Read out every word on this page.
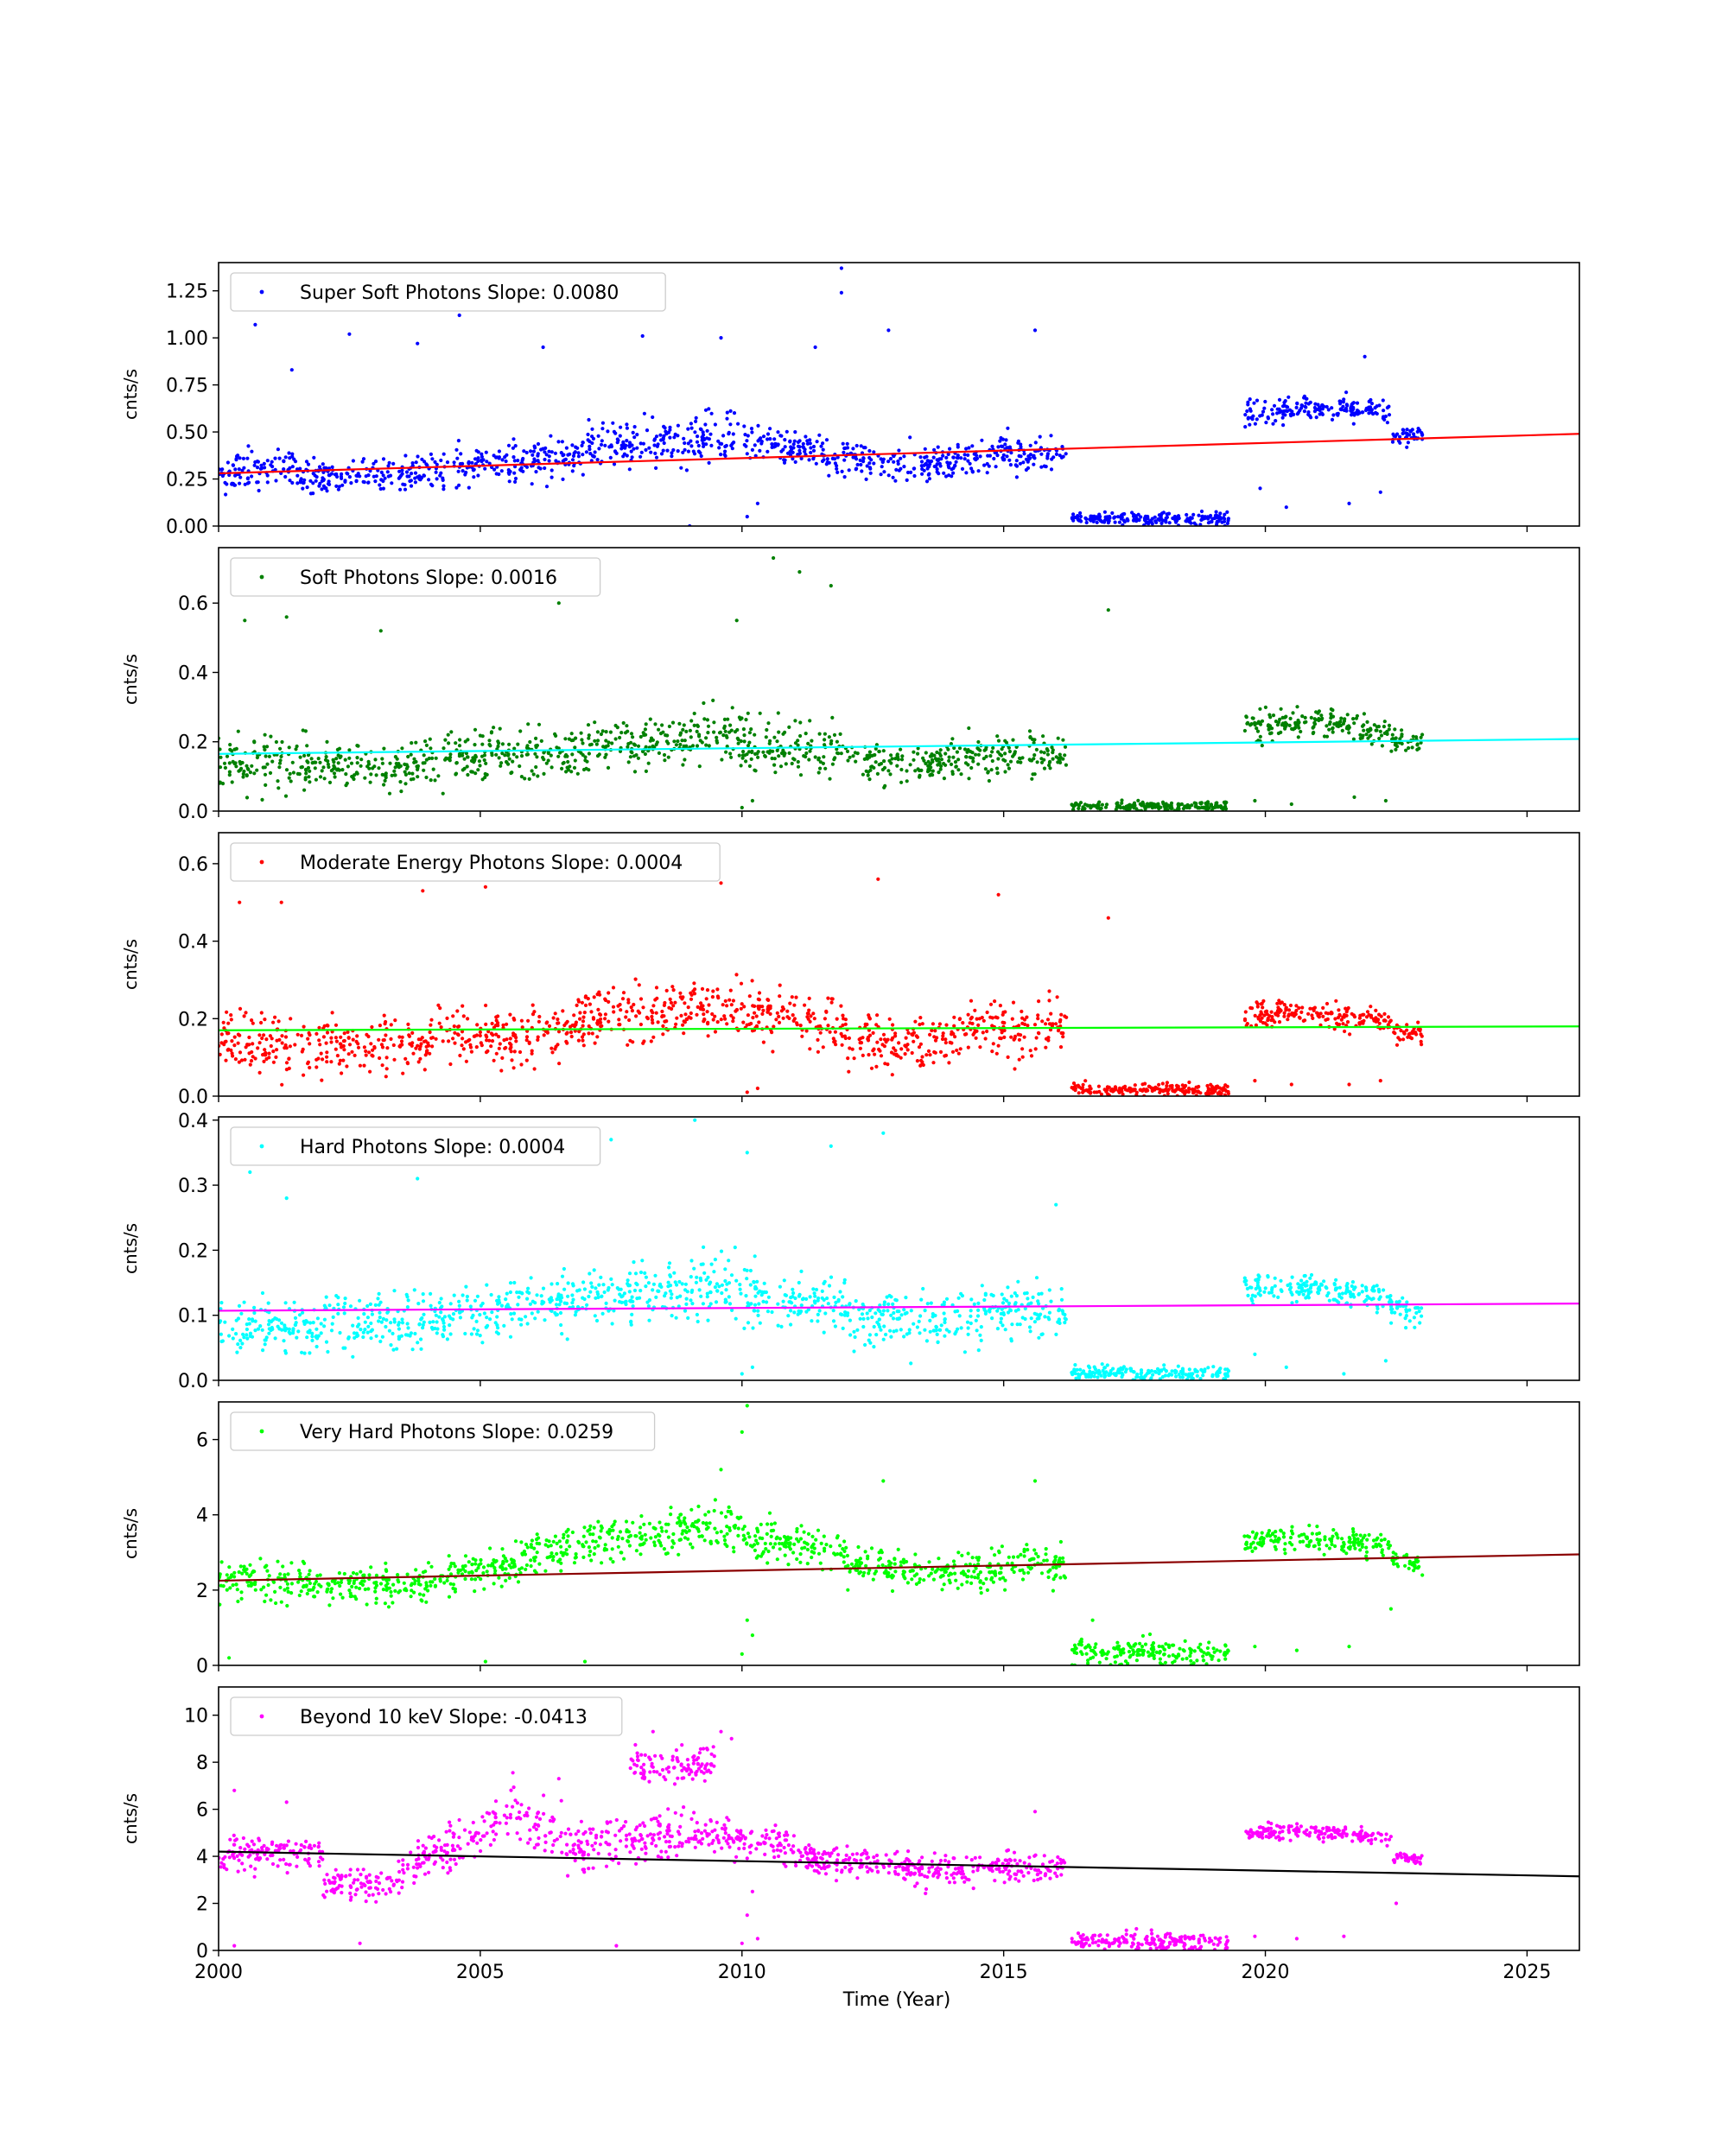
0.00
0.25
0.50
0.75
1.00
1.25
cnts/s
Super Soft Photons Slope: 0.0080
0.0
0.2
0.4
0.6
cnts/s
Soft Photons Slope: 0.0016
0.0
0.2
0.4
0.6
cnts/s
Moderate Energy Photons Slope: 0.0004
0.0
0.1
0.2
0.3
0.4
cnts/s
Hard Photons Slope: 0.0004
0
2
4
6
cnts/s
Very Hard Photons Slope: 0.0259
0
2
4
6
8
10
2000	2005	2010	2015	2020	2025
cnts/s
Beyond 10 keV Slope: -0.0413
Time (Year)
